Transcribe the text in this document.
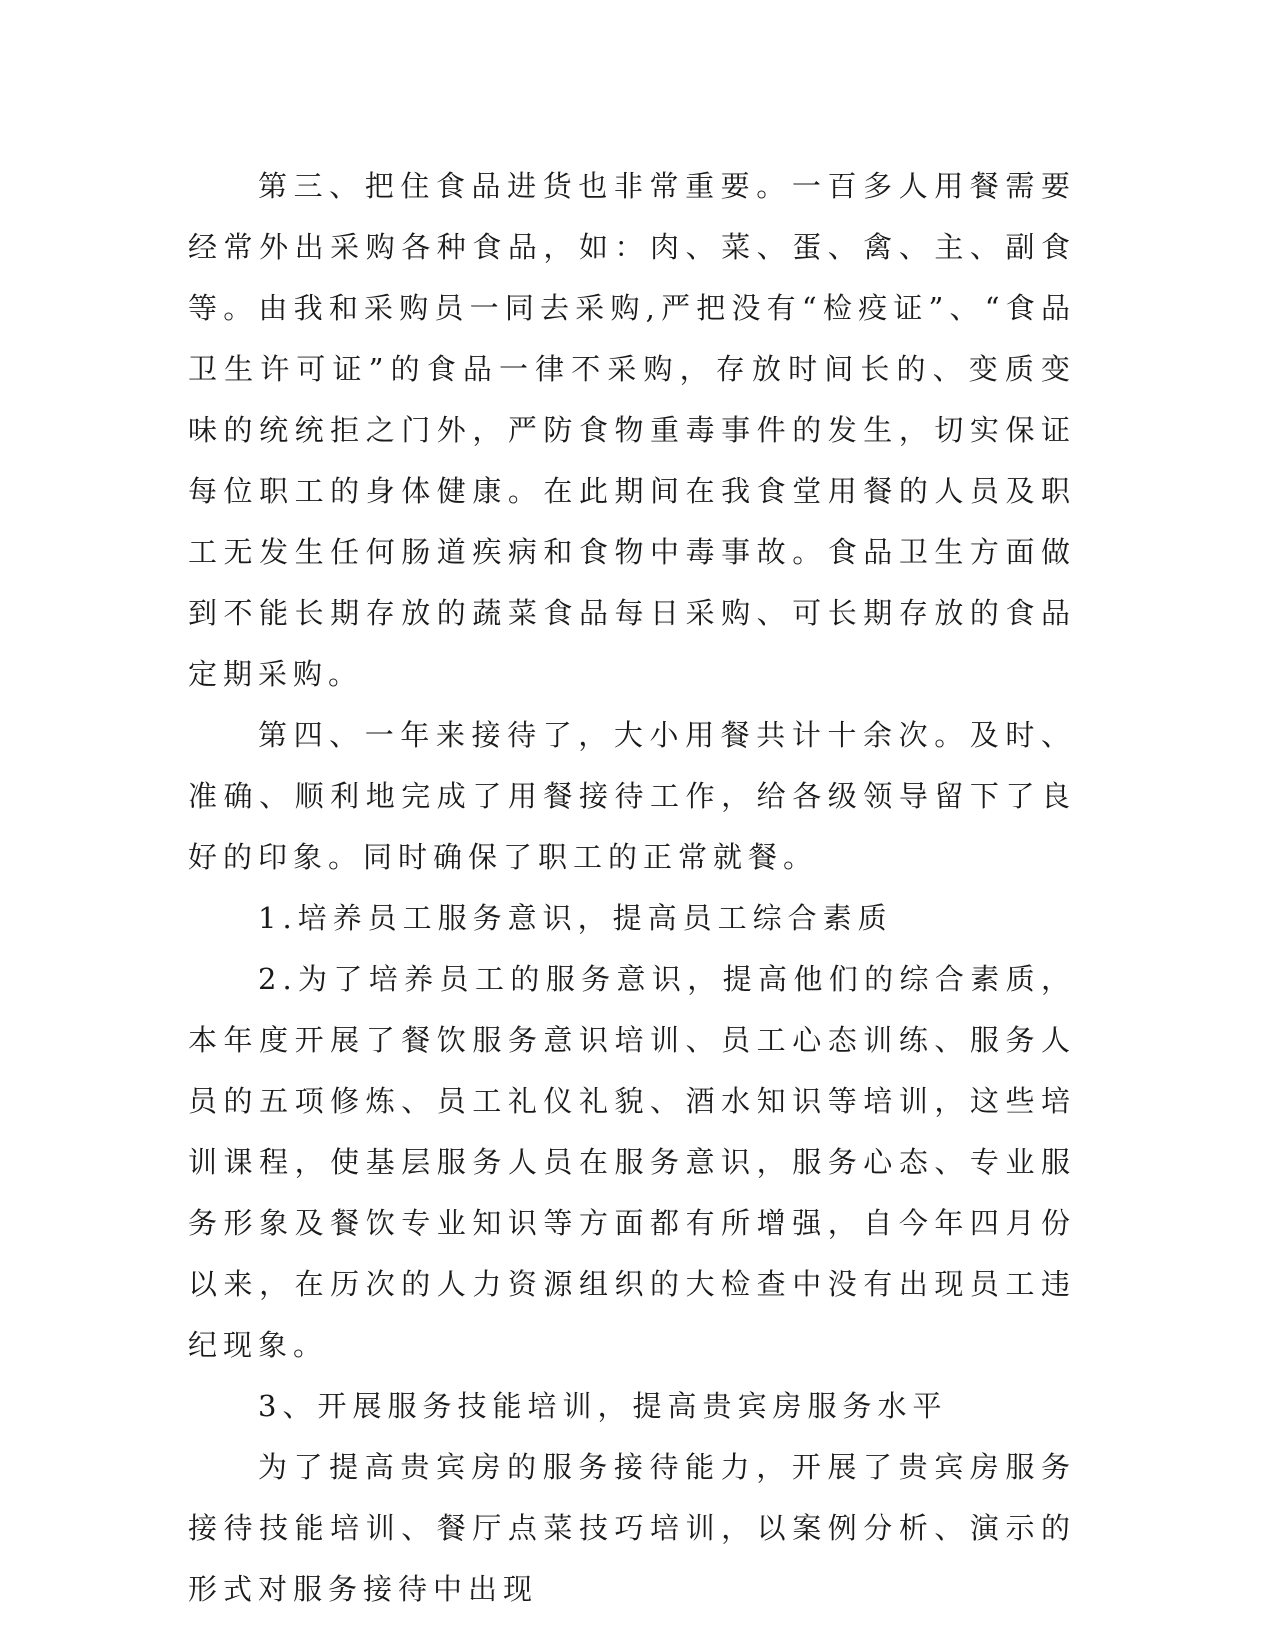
第三、把住食品进货也非常重要。一百多人用餐需要经常外出采购各种食品，如：肉、菜、蛋、禽、主、副食等。由我和采购员一同去采购,严把没有“检疫证”、“食品卫生许可证”的食品一律不采购，存放时间长的、变质变味的统统拒之门外，严防食物重毒事件的发生，切实保证每位职工的身体健康。在此期间在我食堂用餐的人员及职工无发生任何肠道疾病和食物中毒事故。食品卫生方面做到不能长期存放的蔬菜食品每日采购、可长期存放的食品定期采购。

第四、一年来接待了，大小用餐共计十余次。及时、准确、顺利地完成了用餐接待工作，给各级领导留下了良好的印象。同时确保了职工的正常就餐。

1.培养员工服务意识，提高员工综合素质

2.为了培养员工的服务意识，提高他们的综合素质，本年度开展了餐饮服务意识培训、员工心态训练、服务人员的五项修炼、员工礼仪礼貌、酒水知识等培训，这些培训课程，使基层服务人员在服务意识，服务心态、专业服务形象及餐饮专业知识等方面都有所增强，自今年四月份以来，在历次的人力资源组织的大检查中没有出现员工违纪现象。

3、开展服务技能培训，提高贵宾房服务水平

为了提高贵宾房的服务接待能力，开展了贵宾房服务接待技能培训、餐厅点菜技巧培训，以案例分析、演示的形式对服务接待中出现
